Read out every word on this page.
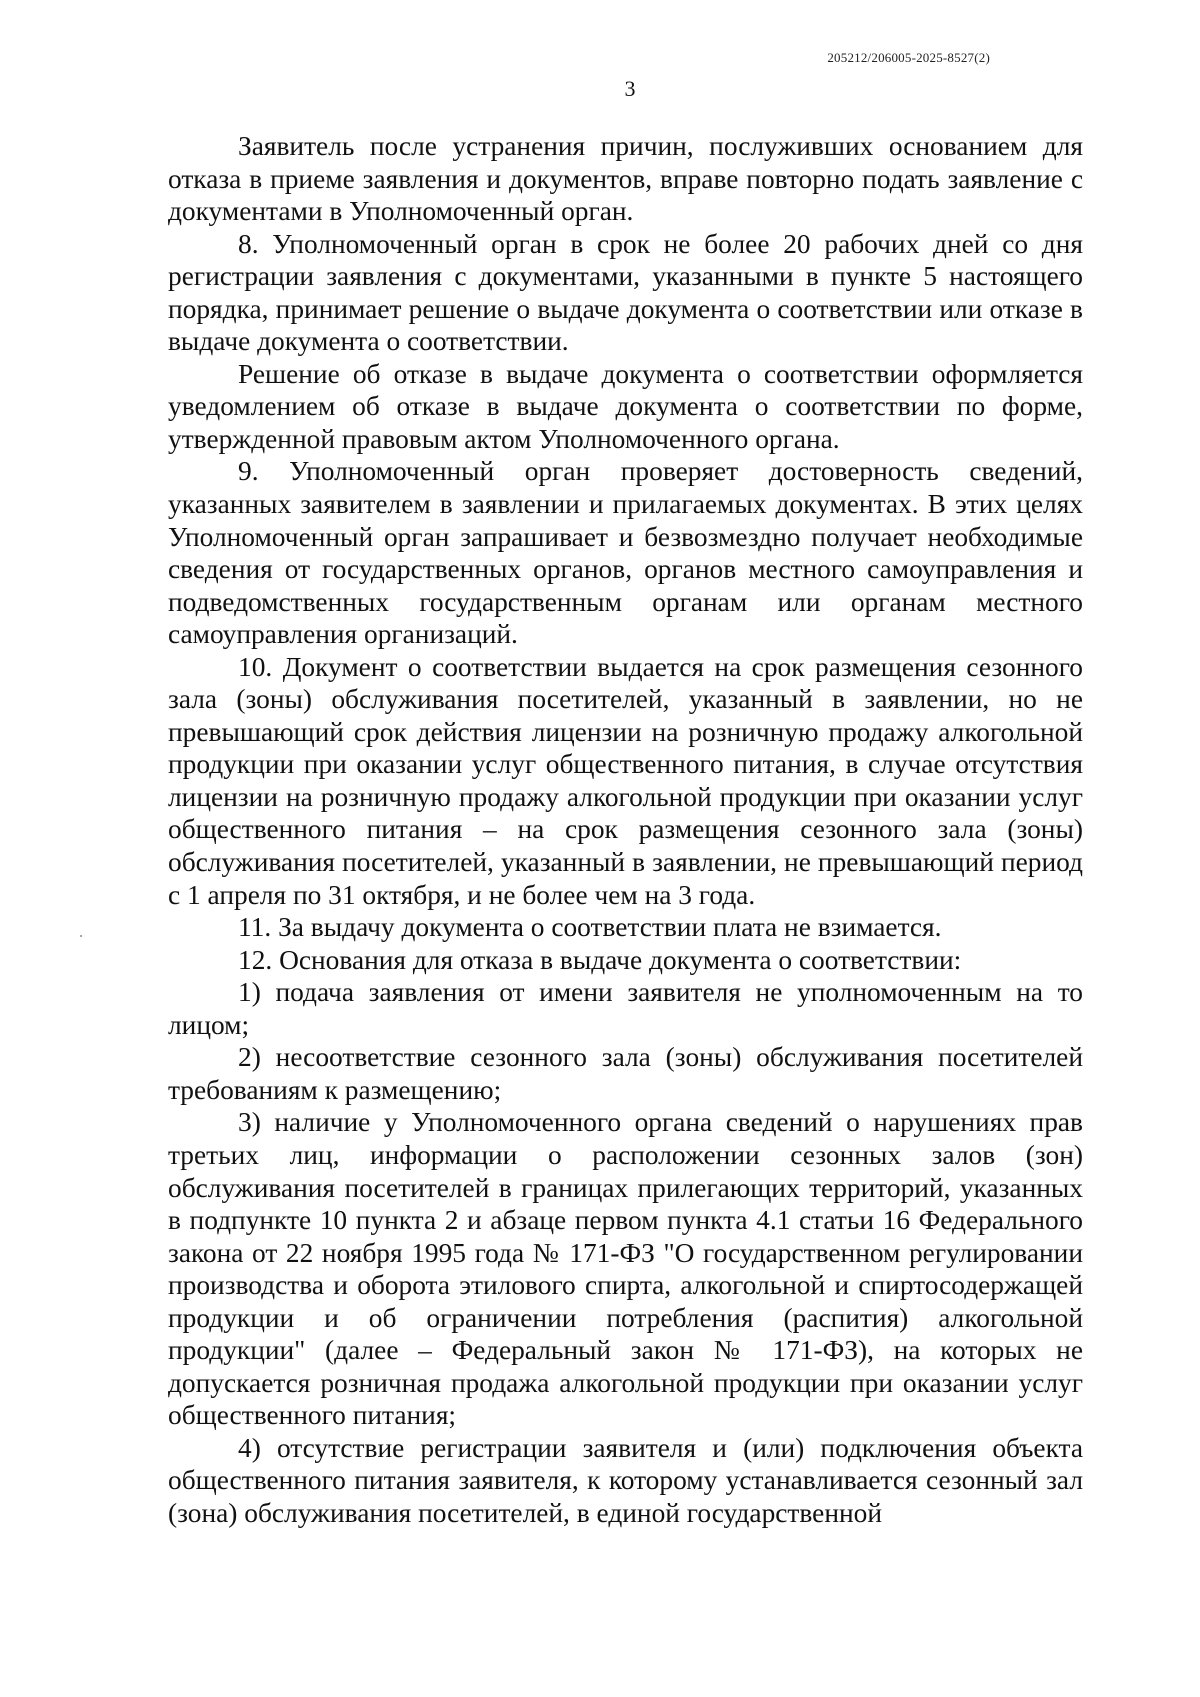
205212/206005-2025-8527(2)
3

Заявитель после устранения причин, послуживших основанием для отказа в приеме заявления и документов, вправе повторно подать заявление с документами в Уполномоченный орган.

8. Уполномоченный орган в срок не более 20 рабочих дней со дня регистрации заявления с документами, указанными в пункте 5 настоящего порядка, принимает решение о выдаче документа о соответствии или отказе в выдаче документа о соответствии.

Решение об отказе в выдаче документа о соответствии оформляется уведомлением об отказе в выдаче документа о соответствии по форме, утвержденной правовым актом Уполномоченного органа.

9. Уполномоченный орган проверяет достоверность сведений, указанных заявителем в заявлении и прилагаемых документах. В этих целях Уполномоченный орган запрашивает и безвозмездно получает необходимые сведения от государственных органов, органов местного самоуправления и подведомственных государственным органам или органам местного самоуправления организаций.

10. Документ о соответствии выдается на срок размещения сезонного зала (зоны) обслуживания посетителей, указанный в заявлении, но не превышающий срок действия лицензии на розничную продажу алкогольной продукции при оказании услуг общественного питания, в случае отсутствия лицензии на розничную продажу алкогольной продукции при оказании услуг общественного питания – на срок размещения сезонного зала (зоны) обслуживания посетителей, указанный в заявлении, не превышающий период с 1 апреля по 31 октября, и не более чем на 3 года.

11. За выдачу документа о соответствии плата не взимается.

12. Основания для отказа в выдаче документа о соответствии:

1) подача заявления от имени заявителя не уполномоченным на то лицом;

2) несоответствие сезонного зала (зоны) обслуживания посетителей требованиям к размещению;

3) наличие у Уполномоченного органа сведений о нарушениях прав третьих лиц, информации о расположении сезонных залов (зон) обслуживания посетителей в границах прилегающих территорий, указанных в подпункте 10 пункта 2 и абзаце первом пункта 4.1 статьи 16 Федерального закона от 22 ноября 1995 года № 171-ФЗ "О государственном регулировании производства и оборота этилового спирта, алкогольной и спиртосодержащей продукции и об ограничении потребления (распития) алкогольной продукции" (далее – Федеральный закон № 171-ФЗ), на которых не допускается розничная продажа алкогольной продукции при оказании услуг общественного питания;

4) отсутствие регистрации заявителя и (или) подключения объекта общественного питания заявителя, к которому устанавливается сезонный зал (зона) обслуживания посетителей, в единой государственной
